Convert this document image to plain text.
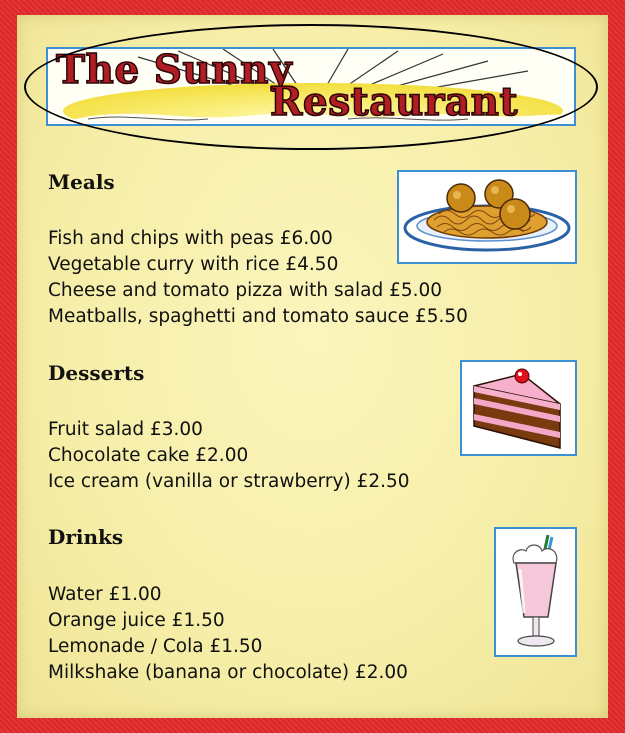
The Sunny
Restaurant
Meals
Fish and chips with peas £6.00
Vegetable curry with rice £4.50
Cheese and tomato pizza with salad £5.00
Meatballs, spaghetti and tomato sauce £5.50
Desserts
Fruit salad £3.00
Chocolate cake £2.00
Ice cream (vanilla or strawberry) £2.50
Drinks
Water £1.00
Orange juice £1.50
Lemonade / Cola £1.50
Milkshake (banana or chocolate) £2.00
